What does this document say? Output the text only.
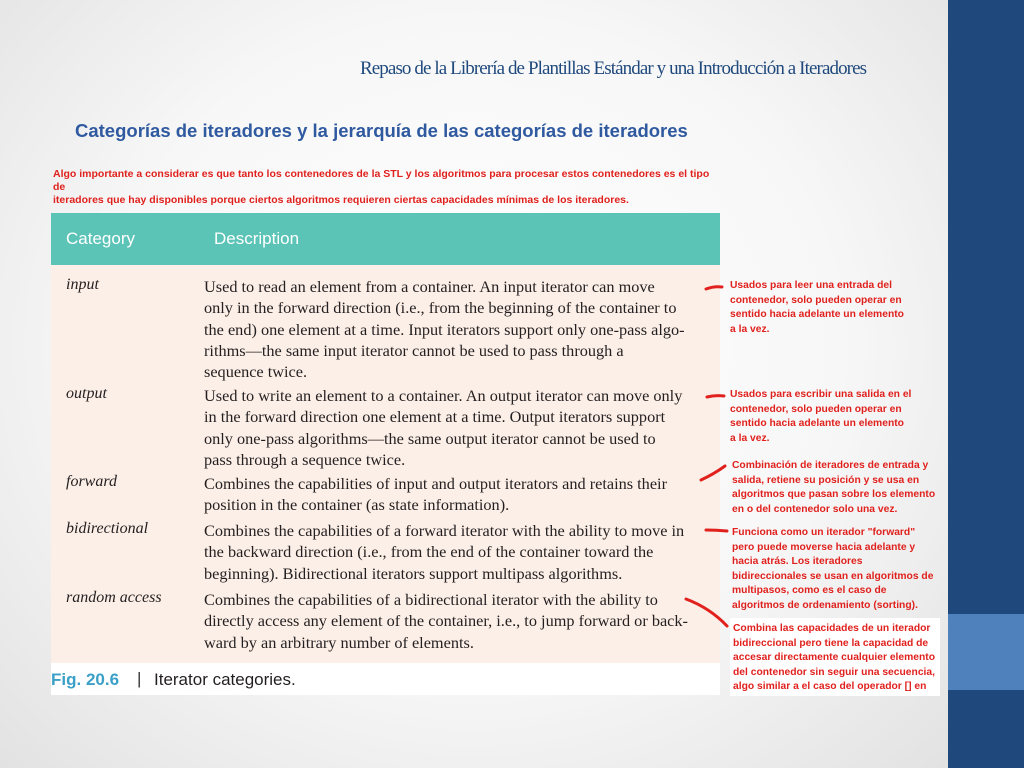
Repaso de la Librería de Plantillas Estándar y una Introducción a Iteradores
Categorías de iteradores y la jerarquía de las categorías de iteradores
Algo importante a considerar es que tanto los contenedores de la STL y los algoritmos para procesar estos contenedores es el tipo de
iteradores que hay disponibles porque ciertos algoritmos requieren ciertas capacidades mínimas de los iteradores.
Category	Description
input	Used to read an element from a container. An input iterator can move
only in the forward direction (i.e., from the beginning of the container to
the end) one element at a time. Input iterators support only one-pass algo-
rithms—the same input iterator cannot be used to pass through a
sequence twice.
output	Used to write an element to a container. An output iterator can move only
in the forward direction one element at a time. Output iterators support
only one-pass algorithms—the same output iterator cannot be used to
pass through a sequence twice.
forward	Combines the capabilities of input and output iterators and retains their
position in the container (as state information).
bidirectional	Combines the capabilities of a forward iterator with the ability to move in
the backward direction (i.e., from the end of the container toward the
beginning). Bidirectional iterators support multipass algorithms.
random access	Combines the capabilities of a bidirectional iterator with the ability to
directly access any element of the container, i.e., to jump forward or back-
ward by an arbitrary number of elements.
Fig. 20.6 | Iterator categories.
Usados para leer una entrada del
contenedor, solo pueden operar en
sentido hacia adelante un elemento
a la vez.
Usados para escribir una salida en el
contenedor, solo pueden operar en
sentido hacia adelante un elemento
a la vez.
Combinación de iteradores de entrada y
salida, retiene su posición y se usa en
algoritmos que pasan sobre los elemento
en o del contenedor solo una vez.
Funciona como un iterador "forward"
pero puede moverse hacia adelante y
hacia atrás. Los iteradores
bidireccionales se usan en algoritmos de
multipasos, como es el caso de
algoritmos de ordenamiento (sorting).
Combina las capacidades de un iterador
bidireccional pero tiene la capacidad de
accesar directamente cualquier elemento
del contenedor sin seguir una secuencia,
algo similar a el caso del operador [] en
